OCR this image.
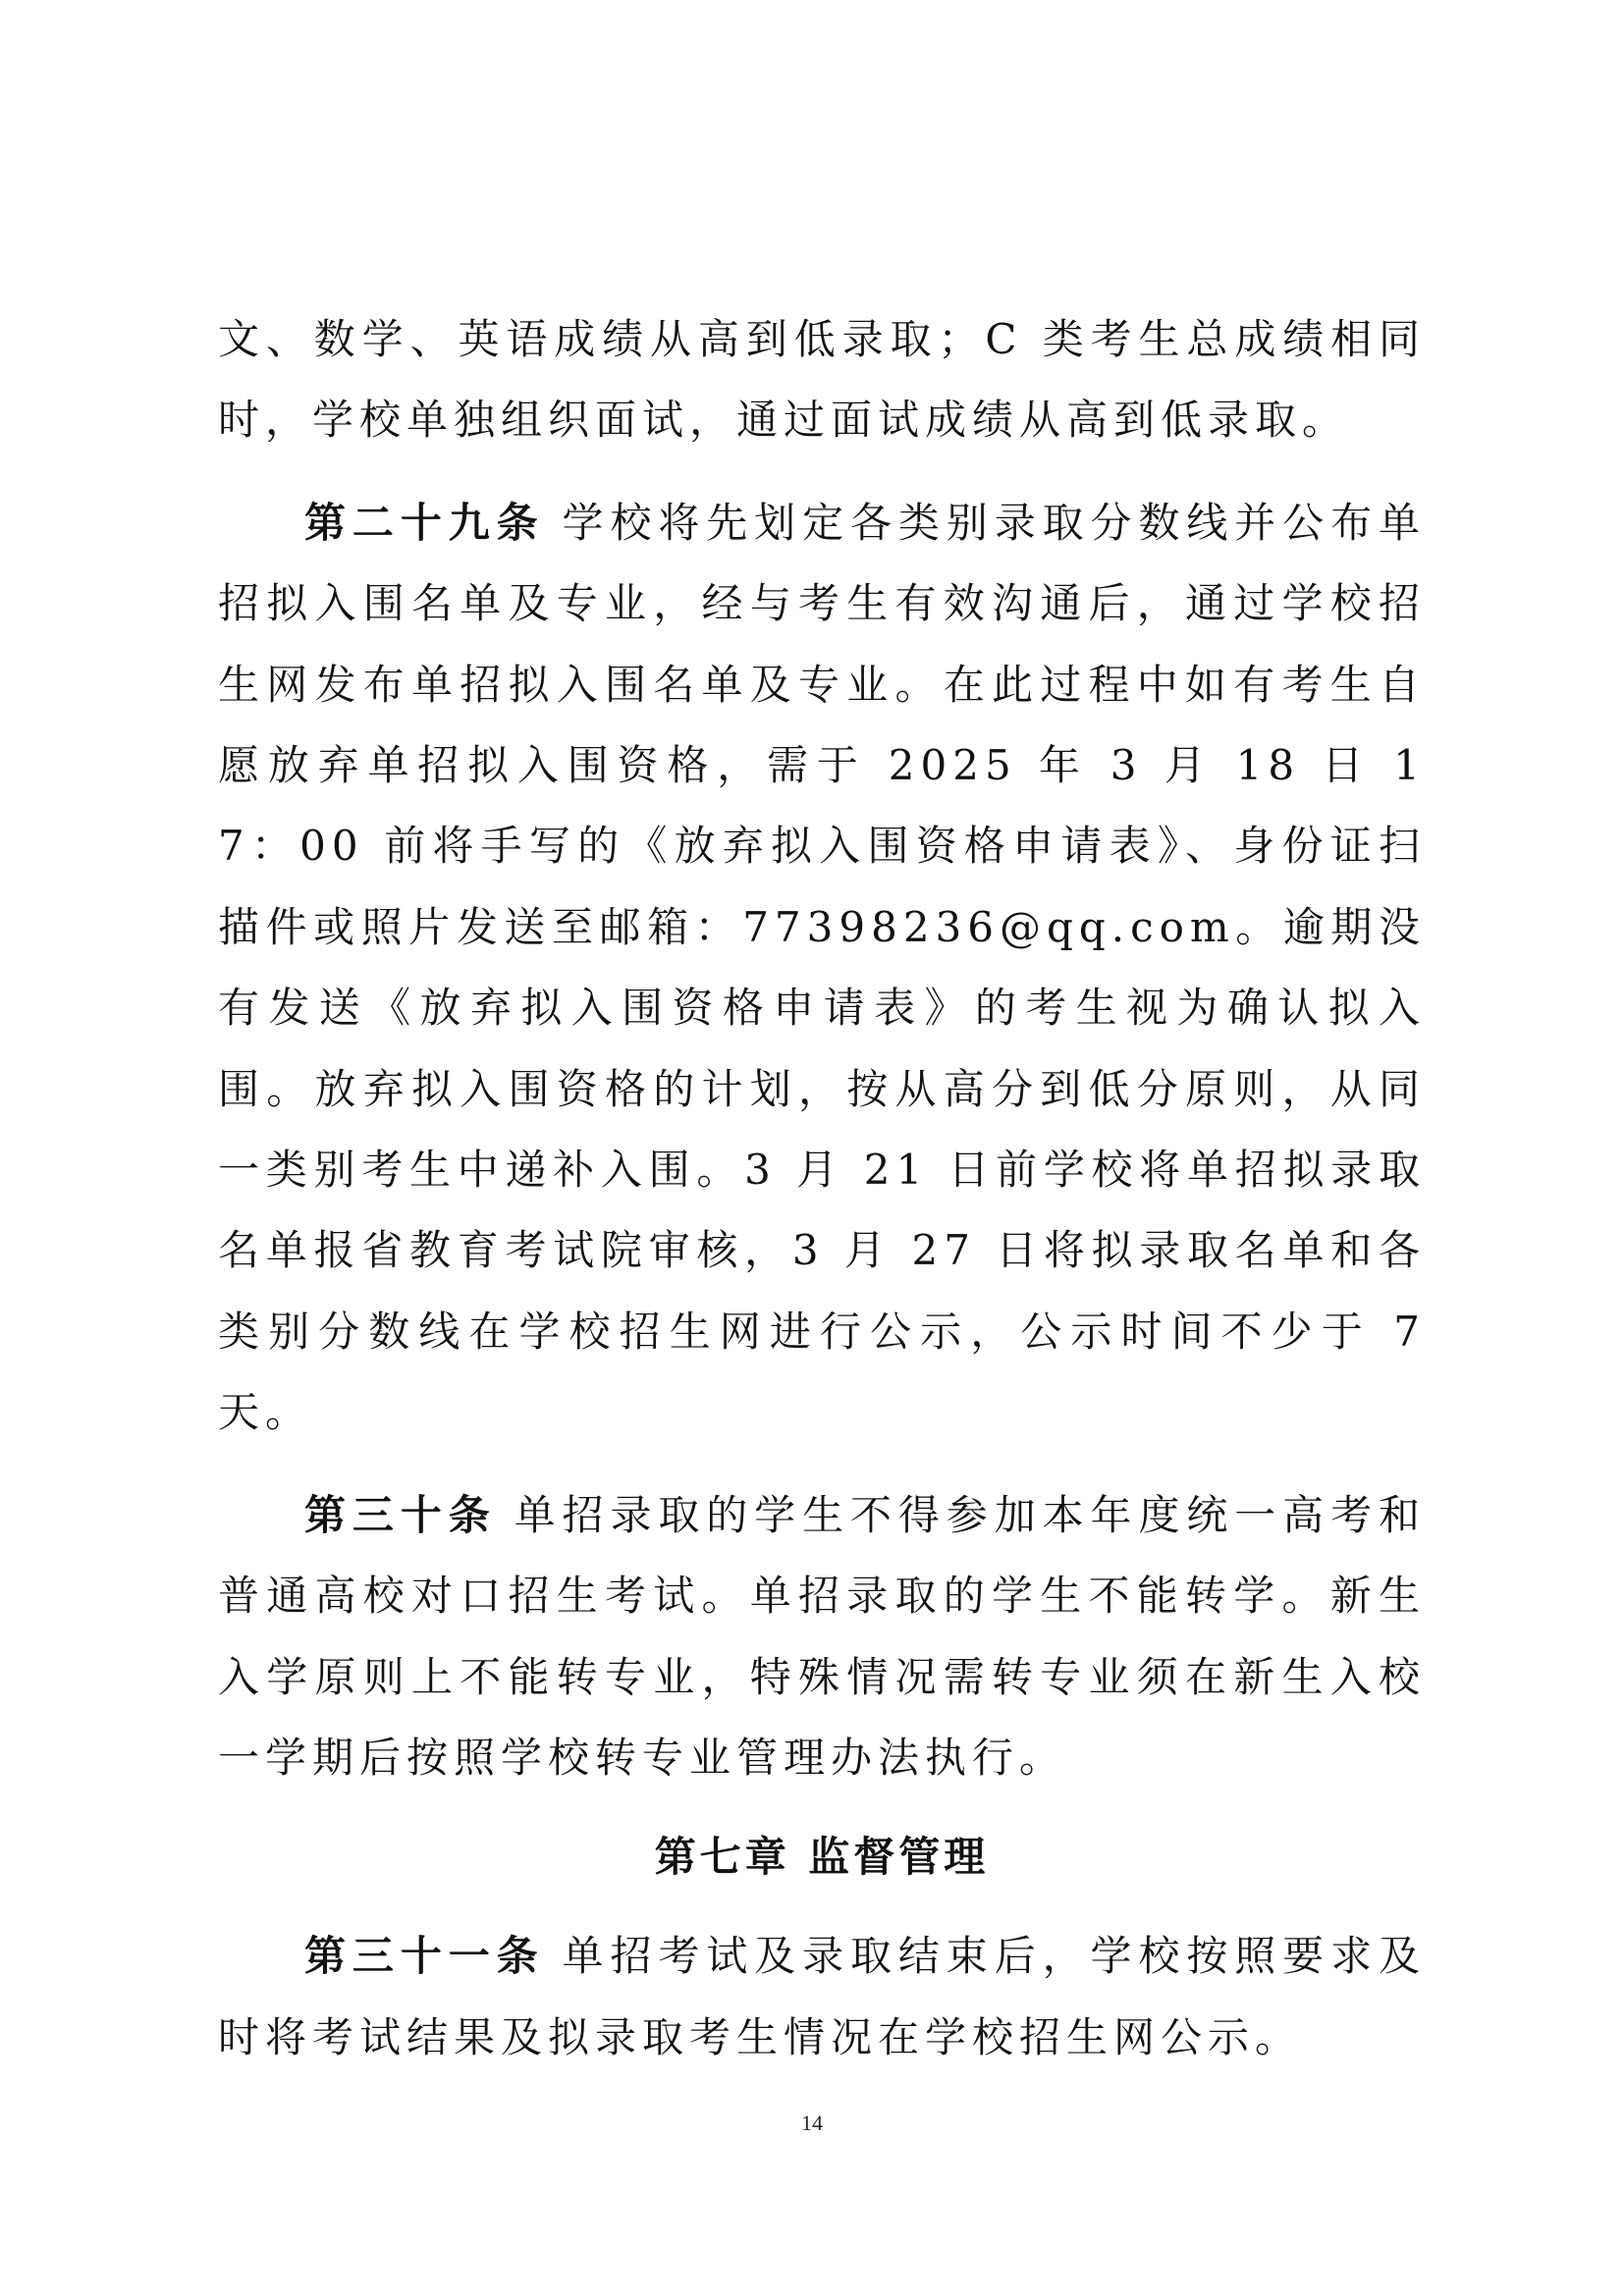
文、数学、英语成绩从高到低录取；C 类考生总成绩相同时，学校单独组织面试，通过面试成绩从高到低录取。

第二十九条 学校将先划定各类别录取分数线并公布单招拟入围名单及专业，经与考生有效沟通后，通过学校招生网发布单招拟入围名单及专业。在此过程中如有考生自愿放弃单招拟入围资格，需于 2025 年 3 月 18 日 17：00 前将手写的《放弃拟入围资格申请表》、身份证扫描件或照片发送至邮箱：77398236@qq.com。逾期没有发送《放弃拟入围资格申请表》的考生视为确认拟入围。放弃拟入围资格的计划，按从高分到低分原则，从同一类别考生中递补入围。3 月 21 日前学校将单招拟录取名单报省教育考试院审核，3 月 27 日将拟录取名单和各类别分数线在学校招生网进行公示，公示时间不少于 7 天。

第三十条 单招录取的学生不得参加本年度统一高考和普通高校对口招生考试。单招录取的学生不能转学。新生入学原则上不能转专业，特殊情况需转专业须在新生入校一学期后按照学校转专业管理办法执行。

第七章 监督管理

第三十一条 单招考试及录取结束后，学校按照要求及时将考试结果及拟录取考生情况在学校招生网公示。

14
